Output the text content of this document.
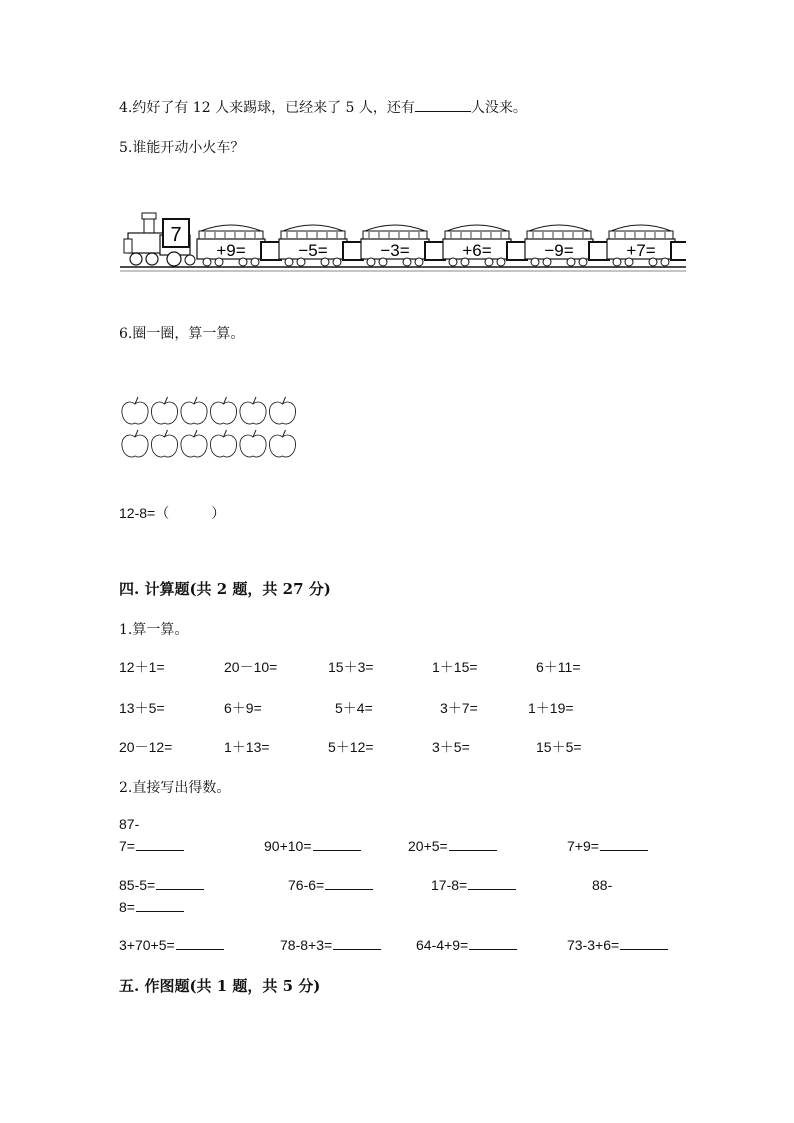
4.约好了有 12 人来踢球，已经来了 5 人，还有	人没来。
5.谁能开动小火车？
7
+9=	−5=	−3=	+6=	−9=	+7=
6.圈一圈，算一算。
12-8=（　　　）
四. 计算题(共 2 题，共 27 分)
1.算一算。
12＋1=	20－10=	15＋3=	1＋15=	6＋11=
13＋5=	6＋9=	5＋4=	3＋7=	1＋19=
20－12=	1＋13=	5＋12=	3＋5=	15＋5=
2.直接写出得数。
87-
7=	90+10=	20+5=	7+9=
85-5=	76-6=	17-8=	88-
8=
3+70+5=	78-8+3=	64-4+9=	73-3+6=
五. 作图题(共 1 题，共 5 分)
